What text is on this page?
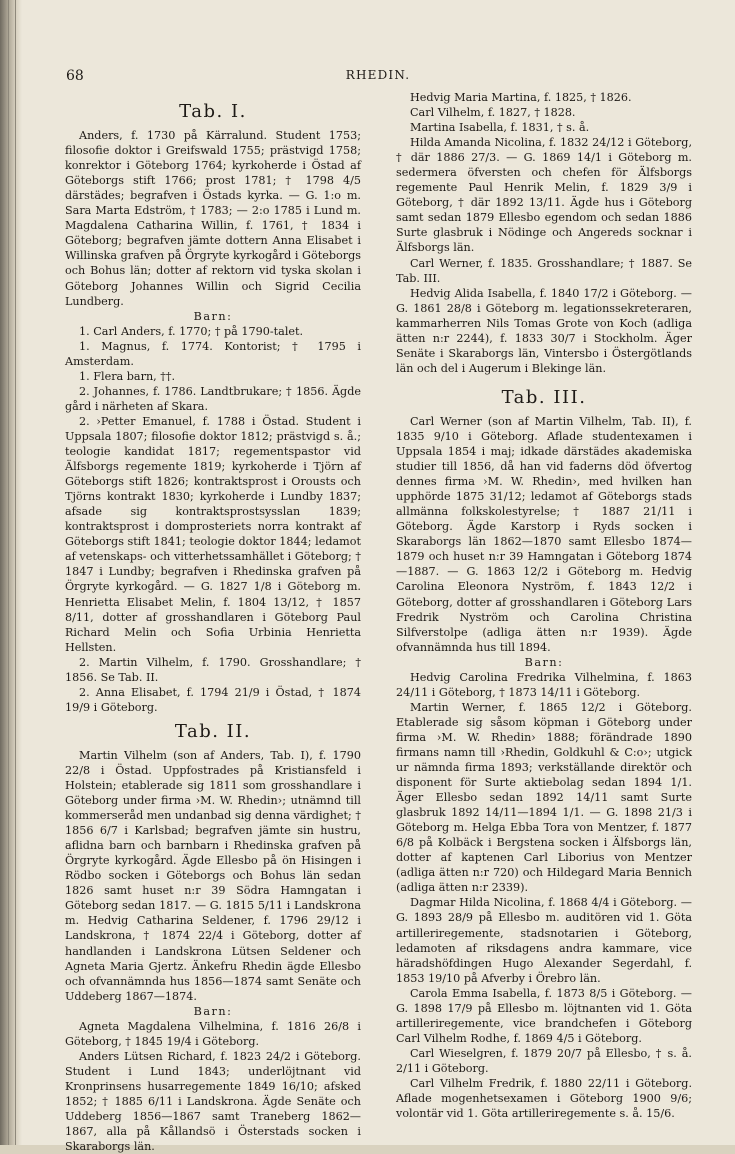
68	RHEDIN.

Tab. I.

Anders, f. 1730 på Kärralund. Student 1753; filosofie doktor i Greifswald 1755; prästvigd 1758; konrektor i Göteborg 1764; kyrkoherde i Östad af Göteborgs stift 1766; prost 1781; † 1798 4/5 därstädes; begrafven i Östads kyrka. — G. 1:o m. Sara Marta Edström, † 1783; — 2:o 1785 i Lund m. Magdalena Catharina Willin, f. 1761, † 1834 i Göteborg; begrafven jämte dottern Anna Elisabet i Willinska grafven på Örgryte kyrkogård i Göteborgs och Bohus län; dotter af rektorn vid tyska skolan i Göteborg Johannes Willin och Sigrid Cecilia Lundberg.

Barn:

1. Carl Anders, f. 1770; † på 1790-talet.

1. Magnus, f. 1774. Kontorist; † 1795 i Amsterdam.

1. Flera barn, ††.

2. Johannes, f. 1786. Landtbrukare; † 1856. Ägde gård i närheten af Skara.

2. ›Petter Emanuel, f. 1788 i Östad. Student i Uppsala 1807; filosofie doktor 1812; prästvigd s. å.; teologie kandidat 1817; regementspastor vid Älfsborgs regemente 1819; kyrkoherde i Tjörn af Göteborgs stift 1826; kontraktsprost i Orousts och Tjörns kontrakt 1830; kyrkoherde i Lundby 1837; afsade sig kontraktsprostsysslan 1839; kontraktsprost i domprosteriets norra kontrakt af Göteborgs stift 1841; teologie doktor 1844; ledamot af vetenskaps- och vitterhetssamhället i Göteborg; † 1847 i Lundby; begrafven i Rhedinska grafven på Örgryte kyrkogård. — G. 1827 1/8 i Göteborg m. Henrietta Elisabet Melin, f. 1804 13/12, † 1857 8/11, dotter af grosshandlaren i Göteborg Paul Richard Melin och Sofia Urbinia Henrietta Hellsten.

2. Martin Vilhelm, f. 1790. Grosshandlare; † 1856. Se Tab. II.

2. Anna Elisabet, f. 1794 21/9 i Östad, † 1874 19/9 i Göteborg.

Tab. II.

Martin Vilhelm (son af Anders, Tab. I), f. 1790 22/8 i Östad. Uppfostrades på Kristiansfeld i Holstein; etablerade sig 1811 som grosshandlare i Göteborg under firma ›M. W. Rhedin›; utnämnd till kommerseråd men undanbad sig denna värdighet; † 1856 6/7 i Karlsbad; begrafven jämte sin hustru, aflidna barn och barnbarn i Rhedinska grafven på Örgryte kyrkogård. Ägde Ellesbo på ön Hisingen i Rödbo socken i Göteborgs och Bohus län sedan 1826 samt huset n:r 39 Södra Hamngatan i Göteborg sedan 1817. — G. 1815 5/11 i Landskrona m. Hedvig Catharina Seldener, f. 1796 29/12 i Landskrona, † 1874 22/4 i Göteborg, dotter af handlanden i Landskrona Lütsen Seldener och Agneta Maria Gjertz. Änkefru Rhedin ägde Ellesbo och ofvannämnda hus 1856—1874 samt Senäte och Uddeberg 1867—1874.

Barn:

Agneta Magdalena Vilhelmina, f. 1816 26/8 i Göteborg, † 1845 19/4 i Göteborg.

Anders Lütsen Richard, f. 1823 24/2 i Göteborg. Student i Lund 1843; underlöjtnant vid Kronprinsens husarregemente 1849 16/10; afsked 1852; † 1885 6/11 i Landskrona. Ägde Senäte och Uddeberg 1856—1867 samt Traneberg 1862—1867, alla på Kållandsö i Österstads socken i Skaraborgs län.

Hedvig Maria Martina, f. 1825, † 1826.

Carl Vilhelm, f. 1827, † 1828.

Martina Isabella, f. 1831, † s. å.

Hilda Amanda Nicolina, f. 1832 24/12 i Göteborg, † där 1886 27/3. — G. 1869 14/1 i Göteborg m. sedermera öfversten och chefen för Älfsborgs regemente Paul Henrik Melin, f. 1829 3/9 i Göteborg, † där 1892 13/11. Ägde hus i Göteborg samt sedan 1879 Ellesbo egendom och sedan 1886 Surte glasbruk i Nödinge och Angereds socknar i Älfsborgs län.

Carl Werner, f. 1835. Grosshandlare; † 1887. Se Tab. III.

Hedvig Alida Isabella, f. 1840 17/2 i Göteborg. — G. 1861 28/8 i Göteborg m. legationssekreteraren, kammarherren Nils Tomas Grote von Koch (adliga ätten n:r 2244), f. 1833 30/7 i Stockholm. Äger Senäte i Skaraborgs län, Vintersbo i Östergötlands län och del i Augerum i Blekinge län.

Tab. III.

Carl Werner (son af Martin Vilhelm, Tab. II), f. 1835 9/10 i Göteborg. Aflade studentexamen i Uppsala 1854 i maj; idkade därstädes akademiska studier till 1856, då han vid faderns död öfvertog dennes firma ›M. W. Rhedin›, med hvilken han upphörde 1875 31/12; ledamot af Göteborgs stads allmänna folkskolestyrelse; † 1887 21/11 i Göteborg. Ägde Karstorp i Ryds socken i Skaraborgs län 1862—1870 samt Ellesbo 1874—1879 och huset n:r 39 Hamngatan i Göteborg 1874—1887. — G. 1863 12/2 i Göteborg m. Hedvig Carolina Eleonora Nyström, f. 1843 12/2 i Göteborg, dotter af grosshandlaren i Göteborg Lars Fredrik Nyström och Carolina Christina Silfverstolpe (adliga ätten n:r 1939). Ägde ofvannämnda hus till 1894.

Barn:

Hedvig Carolina Fredrika Vilhelmina, f. 1863 24/11 i Göteborg, † 1873 14/11 i Göteborg.

Martin Werner, f. 1865 12/2 i Göteborg. Etablerade sig såsom köpman i Göteborg under firma ›M. W. Rhedin› 1888; förändrade 1890 firmans namn till ›Rhedin, Goldkuhl & C:o›; utgick ur nämnda firma 1893; verkställande direktör och disponent för Surte aktiebolag sedan 1894 1/1. Äger Ellesbo sedan 1892 14/11 samt Surte glasbruk 1892 14/11—1894 1/1. — G. 1898 21/3 i Göteborg m. Helga Ebba Tora von Mentzer, f. 1877 6/8 på Kolbäck i Bergstena socken i Älfsborgs län, dotter af kaptenen Carl Liborius von Mentzer (adliga ätten n:r 720) och Hildegard Maria Bennich (adliga ätten n:r 2339).

Dagmar Hilda Nicolina, f. 1868 4/4 i Göteborg. — G. 1893 28/9 på Ellesbo m. auditören vid 1. Göta artilleriregemente, stadsnotarien i Göteborg, ledamoten af riksdagens andra kammare, vice häradshöfdingen Hugo Alexander Segerdahl, f. 1853 19/10 på Afverby i Örebro län.

Carola Emma Isabella, f. 1873 8/5 i Göteborg. — G. 1898 17/9 på Ellesbo m. löjtnanten vid 1. Göta artilleriregemente, vice brandchefen i Göteborg Carl Vilhelm Rodhe, f. 1869 4/5 i Göteborg.

Carl Wieselgren, f. 1879 20/7 på Ellesbo, † s. å. 2/11 i Göteborg.

Carl Vilhelm Fredrik, f. 1880 22/11 i Göteborg. Aflade mogenhetsexamen i Göteborg 1900 9/6; volontär vid 1. Göta artilleriregemente s. å. 15/6.
